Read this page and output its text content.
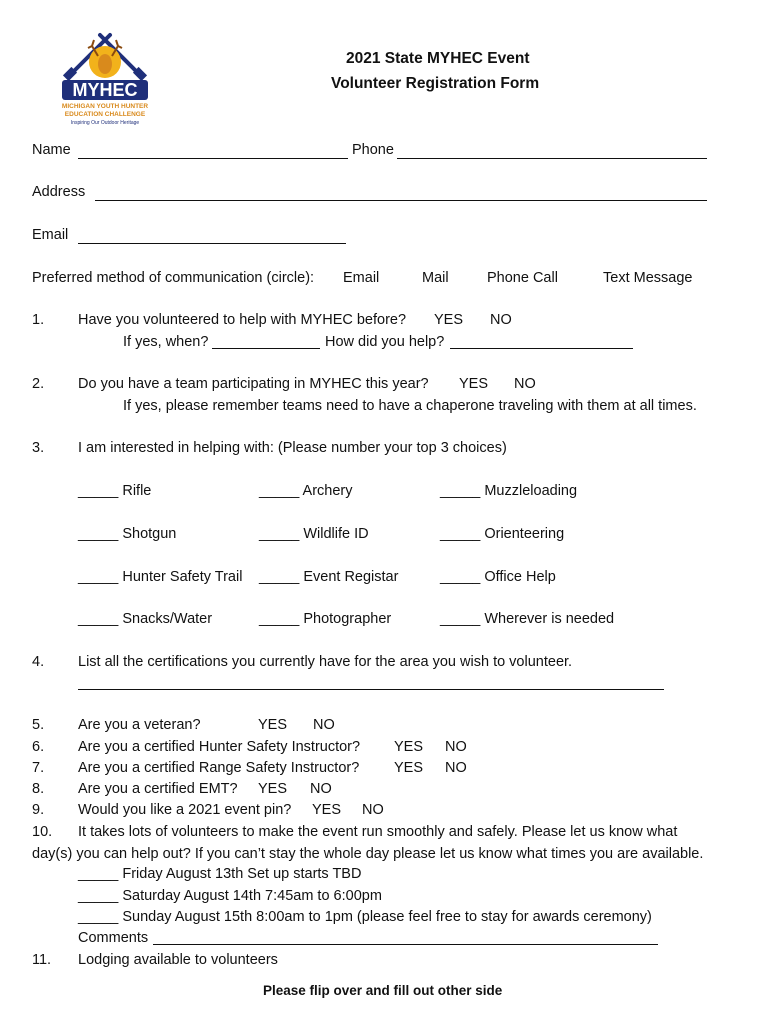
MYHEC
MICHIGAN YOUTH HUNTER
EDUCATION CHALLENGE
Inspiring Our Outdoor Heritage
2021 State MYHEC Event
Volunteer Registration Form
Name	Phone
Address
Email
Preferred method of communication (circle): Email	Mail	Phone Call	Text Message
1. Have you volunteered to help with MYHEC before? YES NO
If yes, when?	How did you help?
2. Do you have a team participating in MYHEC this year? YES NO
If yes, please remember teams need to have a chaperone traveling with them at all times.
3. I am interested in helping with: (Please number your top 3 choices)
_____ Rifle	_____ Archery	_____ Muzzleloading
_____ Shotgun	_____ Wildlife ID	_____ Orienteering
_____ Hunter Safety Trail _____ Event Registar	_____ Office Help
_____ Snacks/Water	_____ Photographer	_____ Wherever is needed
4. List all the certifications you currently have for the area you wish to volunteer.
5. Are you a veteran?	YES NO
6. Are you a certified Hunter Safety Instructor? YES NO
7. Are you a certified Range Safety Instructor? YES NO
8. Are you a certified EMT? YES NO
9. Would you like a 2021 event pin? YES NO
10. It takes lots of volunteers to make the event run smoothly and safely. Please let us know what
day(s) you can help out? If you can’t stay the whole day please let us know what times you are available.
_____ Friday August 13th Set up starts TBD
_____ Saturday August 14th 7:45am to 6:00pm
_____ Sunday August 15th 8:00am to 1pm (please feel free to stay for awards ceremony)
Comments
11. Lodging available to volunteers
Please flip over and fill out other side
